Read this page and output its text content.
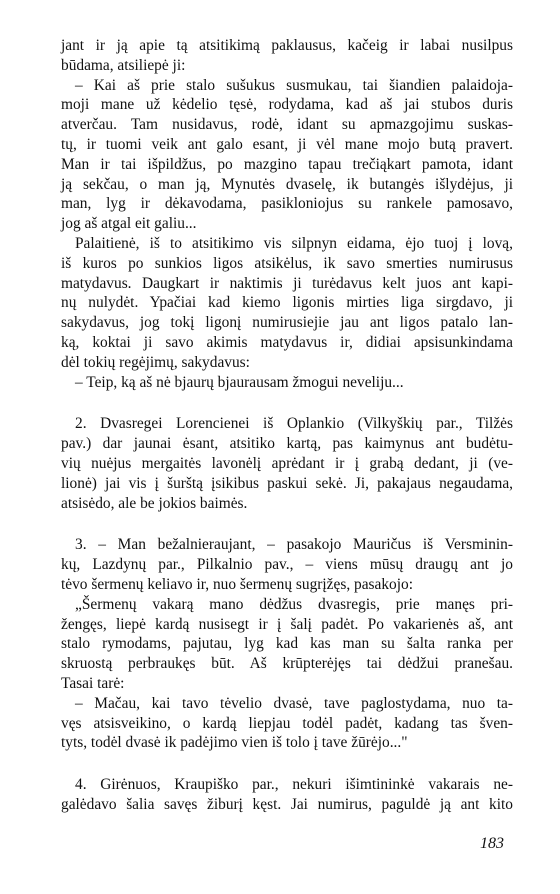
jant ir ją apie tą atsitikimą paklausus, kačeig ir labai nusilpus
būdama, atsiliepė ji:
– Kai aš prie stalo sušukus susmukau, tai šiandien palaidoja-
moji mane už kėdelio tęsė, rodydama, kad aš jai stubos duris
atverčau. Tam nusidavus, rodė, idant su apmazgojimu suskas-
tų, ir tuomi veik ant galo esant, ji vėl mane mojo butą pravert.
Man ir tai išpildžus, po mazgino tapau trečiąkart pamota, idant
ją sekčau, o man ją, Mynutės dvaselę, ik butangės išlydėjus, ji
man, lyg ir dėkavodama, pasikloniojus su rankele pamosavo,
jog aš atgal eit galiu...
Palaitienė, iš to atsitikimo vis silpnyn eidama, ėjo tuoj į lovą,
iš kuros po sunkios ligos atsikėlus, ik savo smerties numirusus
matydavus. Daugkart ir naktimis ji turėdavus kelt juos ant kapi-
nų nulydėt. Ypačiai kad kiemo ligonis mirties liga sirgdavo, ji
sakydavus, jog tokį ligonį numirusiejie jau ant ligos patalo lan-
ką, koktai ji savo akimis matydavus ir, didiai apsisunkindama
dėl tokių regėjimų, sakydavus:
– Teip, ką aš nė bjaurų bjaurausam žmogui neveliju...
2. Dvasregei Lorencienei iš Oplankio (Vilkyškių par., Tilžės
pav.) dar jaunai ėsant, atsitiko kartą, pas kaimynus ant budėtu-
vių nuėjus mergaitės lavonėlį aprėdant ir į grabą dedant, ji (ve-
lionė) jai vis į šurštą įsikibus paskui sekė. Ji, pakajaus negaudama,
atsisėdo, ale be jokios baimės.
3. – Man bežalnieraujant, – pasakojo Mauričus iš Versminin-
kų, Lazdynų par., Pilkalnio pav., – viens mūsų draugų ant jo
tėvo šermenų keliavo ir, nuo šermenų sugrįžęs, pasakojo:
„Šermenų vakarą mano dėdžus dvasregis, prie manęs pri-
žengęs, liepė kardą nusisegt ir į šalį padėt. Po vakarienės aš, ant
stalo rymodams, pajutau, lyg kad kas man su šalta ranka per
skruostą perbraukęs būt. Aš krūpterėjęs tai dėdžui pranešau.
Tasai tarė:
– Mačau, kai tavo tėvelio dvasė, tave paglostydama, nuo ta-
vęs atsisveikino, o kardą liepjau todėl padėt, kadang tas šven-
tyts, todėl dvasė ik padėjimo vien iš tolo į tave žūrėjo..."
4. Girėnuos, Kraupiško par., nekuri išimtininkė vakarais ne-
galėdavo šalia savęs žiburį kęst. Jai numirus, paguldė ją ant kito
183
